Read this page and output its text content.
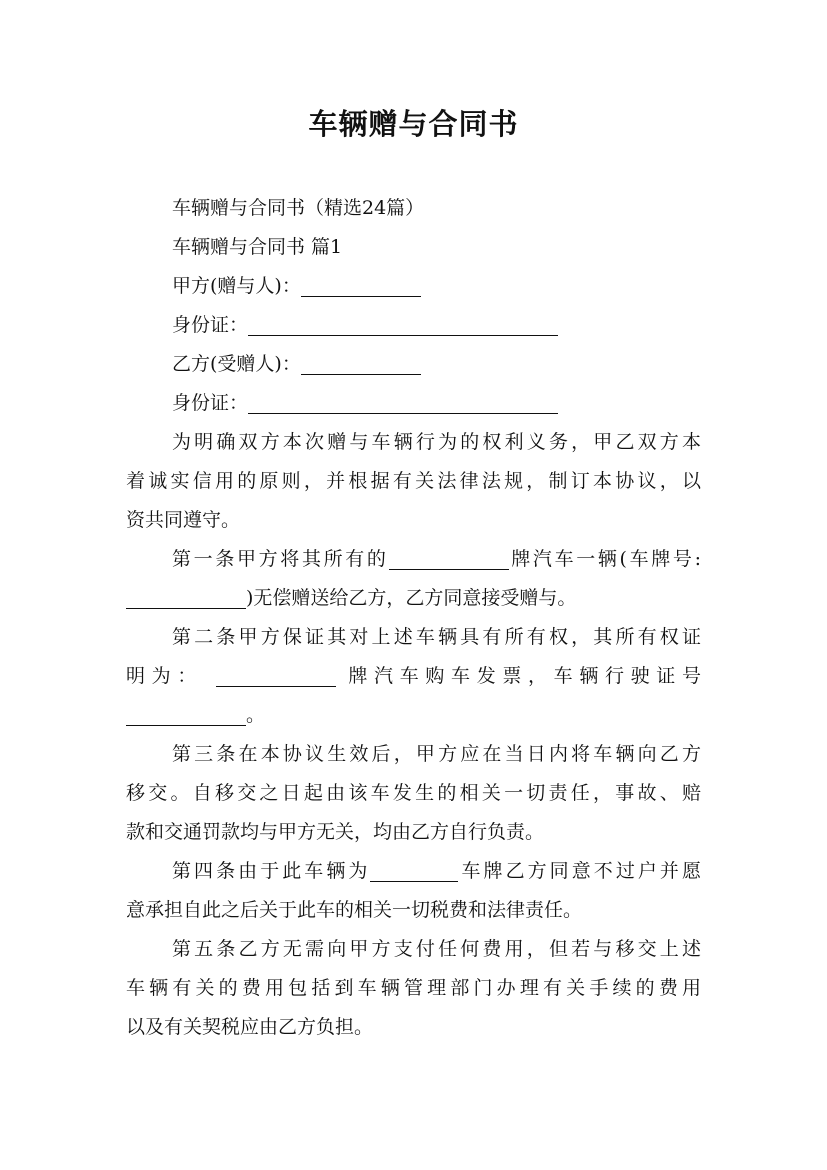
车辆赠与合同书
车辆赠与合同书（精选24篇）
车辆赠与合同书 篇1
甲方(赠与人)：
身份证：
乙方(受赠人)：
身份证：
为明确双方本次赠与车辆行为的权利义务，甲乙双方本
着诚实信用的原则，并根据有关法律法规，制订本协议，以
资共同遵守。
第一条甲方将其所有的	牌汽车一辆(车牌号:
)无偿赠送给乙方，乙方同意接受赠与。
第二条甲方保证其对上述车辆具有所有权，其所有权证
明为：	牌汽车购车发票，车辆行驶证号
。
第三条在本协议生效后，甲方应在当日内将车辆向乙方
移交。自移交之日起由该车发生的相关一切责任，事故、赔
款和交通罚款均与甲方无关，均由乙方自行负责。
第四条由于此车辆为	车牌乙方同意不过户并愿
意承担自此之后关于此车的相关一切税费和法律责任。
第五条乙方无需向甲方支付任何费用，但若与移交上述
车辆有关的费用包括到车辆管理部门办理有关手续的费用
以及有关契税应由乙方负担。
